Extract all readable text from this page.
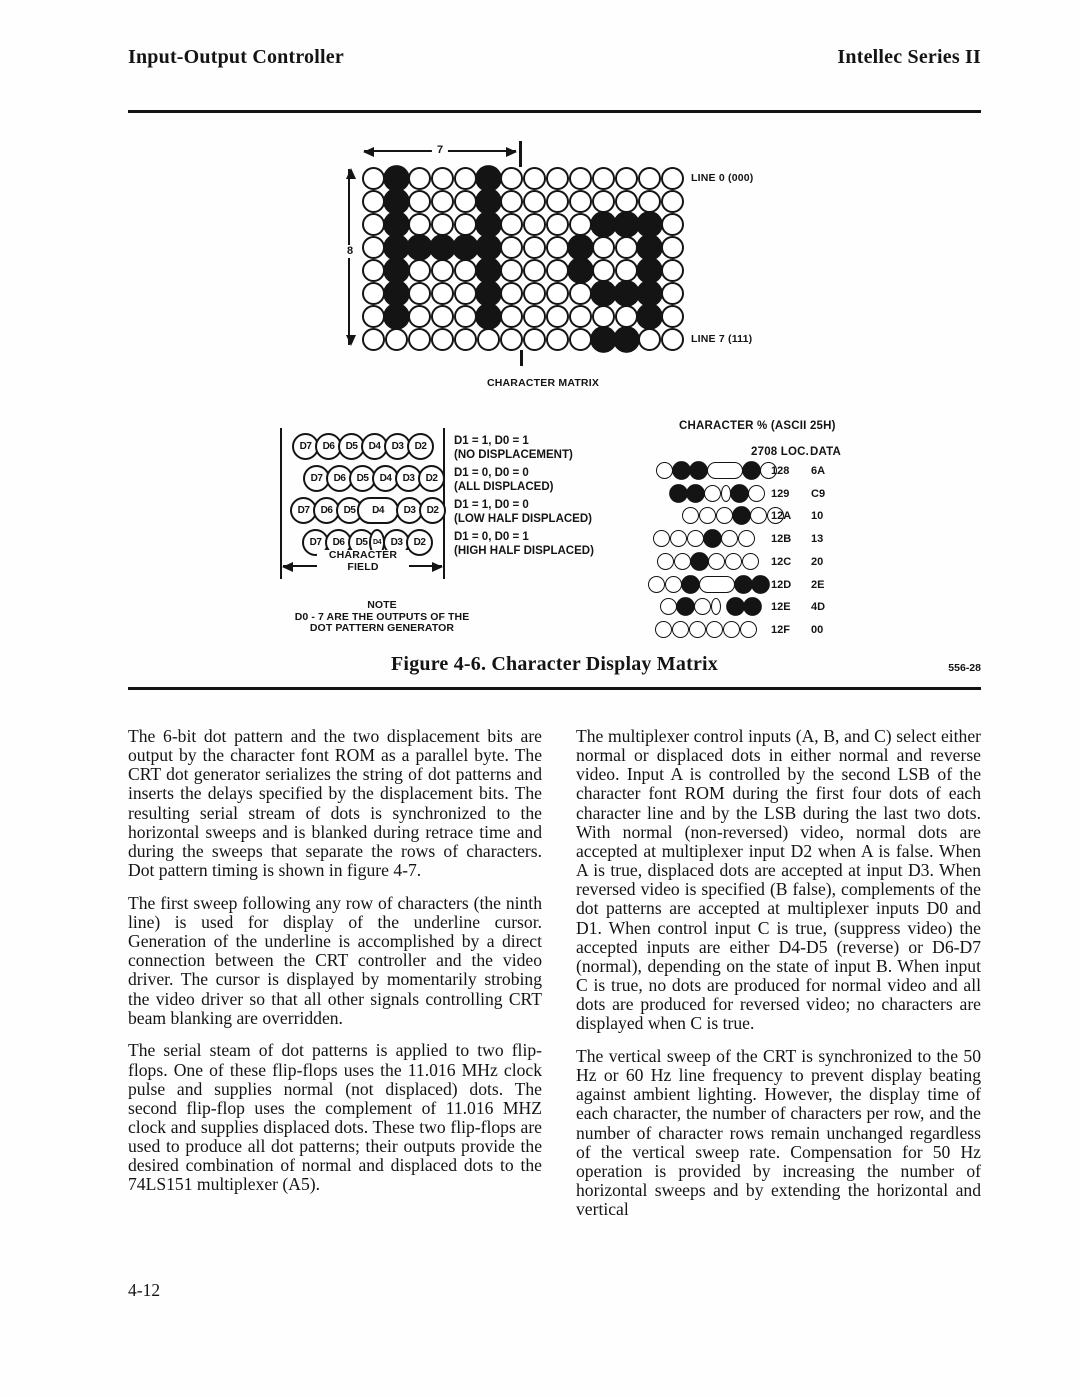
Input-Output Controller	Intellec Series II
7
8
LINE 0 (000)
LINE 7 (111)
CHARACTER MATRIX
D7	D6	D5	D4	D3	D2
D7	D6	D5	D4	D3	D2
D7	D6	D5	D4	D3	D2
D7	D6	D5 D4 D3	D2
D1 = 1, D0 = 1
(NO DISPLACEMENT)
D1 = 0, D0 = 0
(ALL DISPLACED)
D1 = 1, D0 = 0
(LOW HALF DISPLACED)
D1 = 0, D0 = 1
(HIGH HALF DISPLACED)
CHARACTER
FIELD
NOTE
D0 - 7 ARE THE OUTPUTS OF THE
DOT PATTERN GENERATOR
CHARACTER % (ASCII 25H)
2708 LOC. DATA
128 6A
129 C9
12A 10
12B 13
12C 20
12D 2E
12E 4D
12F 00
Figure 4-6. Character Display Matrix	556-28

The 6-bit dot pattern and the two displacement bits are output by the character font ROM as a parallel byte. The CRT dot generator serializes the string of dot patterns and inserts the delays specified by the displacement bits. The resulting serial stream of dots is synchronized to the horizontal sweeps and is blanked during retrace time and during the sweeps that separate the rows of characters. Dot pattern timing is shown in figure 4-7.

The first sweep following any row of characters (the ninth line) is used for display of the underline cursor. Generation of the underline is accomplished by a direct connection between the CRT controller and the video driver. The cursor is displayed by momentarily strobing the video driver so that all other signals controlling CRT beam blanking are overridden.

The serial steam of dot patterns is applied to two flip-flops. One of these flip-flops uses the 11.016 MHz clock pulse and supplies normal (not displaced) dots. The second flip-flop uses the complement of 11.016 MHZ clock and supplies displaced dots. These two flip-flops are used to produce all dot patterns; their outputs provide the desired combination of normal and displaced dots to the 74LS151 multiplexer (A5).

The multiplexer control inputs (A, B, and C) select either normal or displaced dots in either normal and reverse video. Input A is controlled by the second LSB of the character font ROM during the first four dots of each character line and by the LSB during the last two dots. With normal (non-reversed) video, normal dots are accepted at multiplexer input D2 when A is false. When A is true, displaced dots are accepted at input D3. When reversed video is specified (B false), complements of the dot patterns are accepted at multiplexer inputs D0 and D1. When control input C is true, (suppress video) the accepted inputs are either D4-D5 (reverse) or D6-D7 (normal), depending on the state of input B. When input C is true, no dots are produced for normal video and all dots are produced for reversed video; no characters are displayed when C is true.

The vertical sweep of the CRT is synchronized to the 50 Hz or 60 Hz line frequency to prevent display beating against ambient lighting. However, the display time of each character, the number of characters per row, and the number of character rows remain unchanged regardless of the vertical sweep rate. Compensation for 50 Hz operation is provided by increasing the number of horizontal sweeps and by extending the horizontal and vertical

4-12
